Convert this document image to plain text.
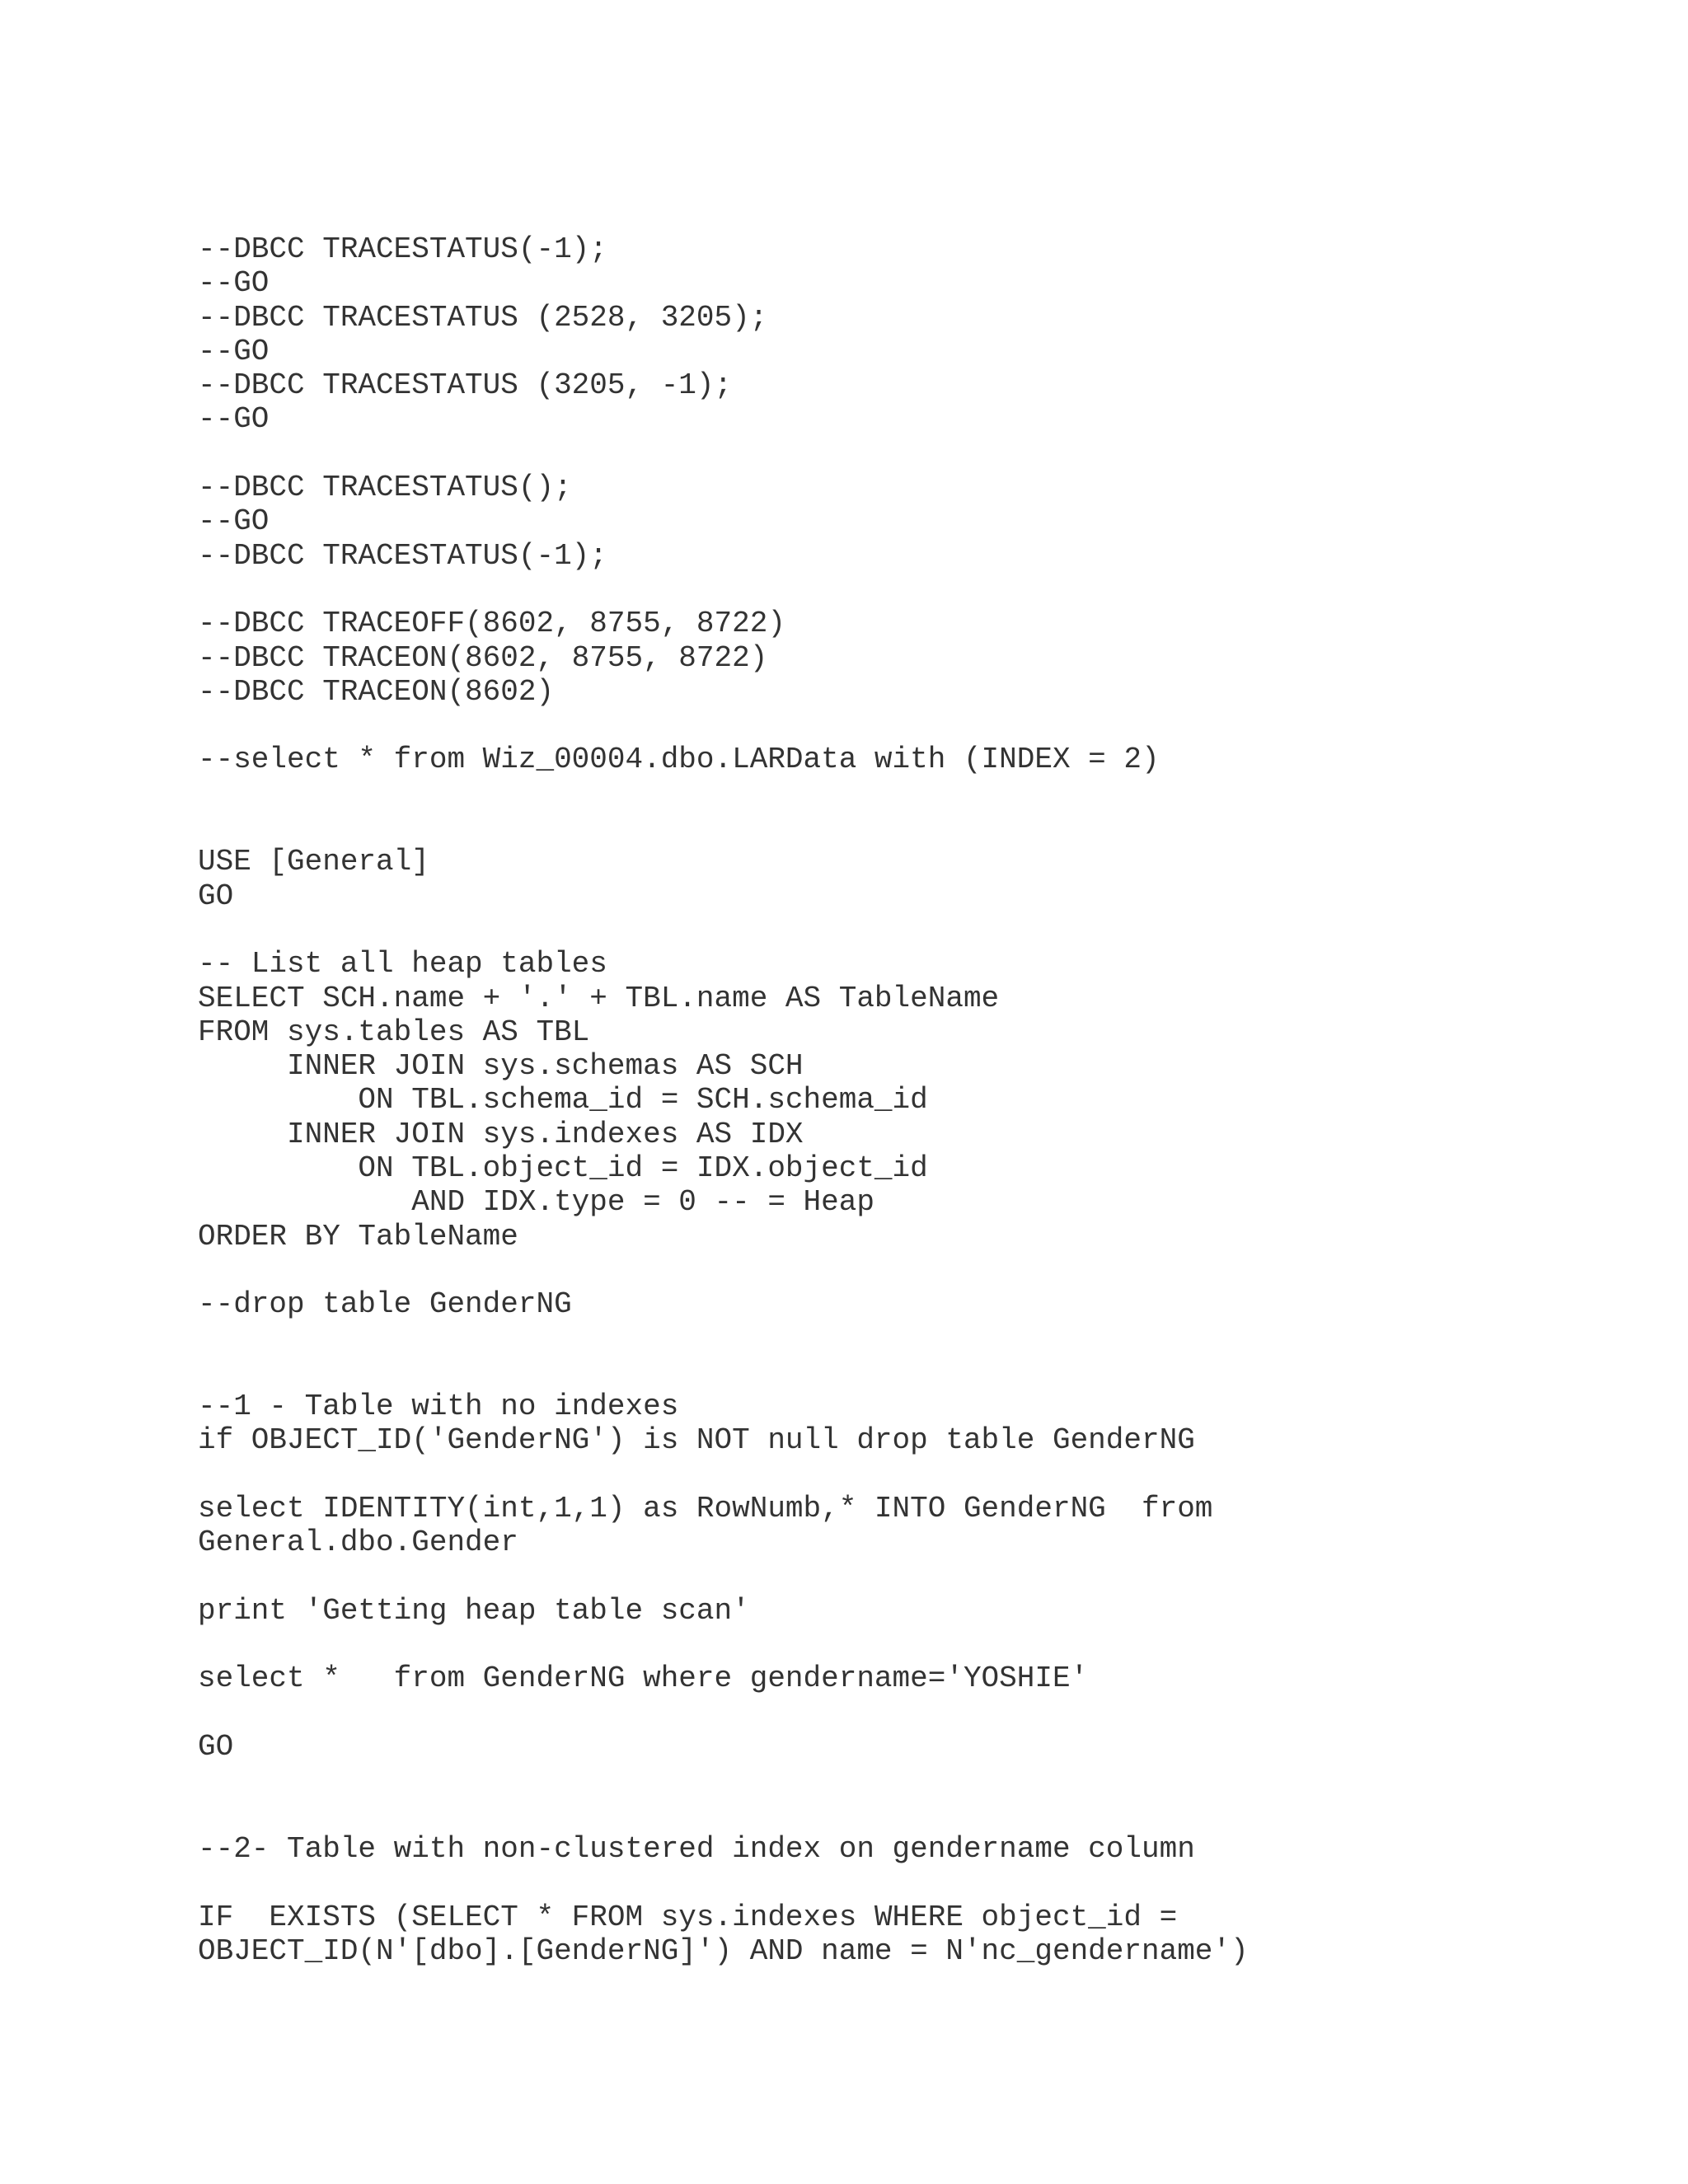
--DBCC TRACESTATUS(-1);
--GO
--DBCC TRACESTATUS (2528, 3205);
--GO
--DBCC TRACESTATUS (3205, -1);
--GO
--DBCC TRACESTATUS();
--GO
--DBCC TRACESTATUS(-1);
--DBCC TRACEOFF(8602, 8755, 8722)
--DBCC TRACEON(8602, 8755, 8722)
--DBCC TRACEON(8602)
--select * from Wiz_00004.dbo.LARData with (INDEX = 2)
USE [General]
GO
-- List all heap tables
SELECT SCH.name + '.' + TBL.name AS TableName
FROM sys.tables AS TBL
INNER JOIN sys.schemas AS SCH
ON TBL.schema_id = SCH.schema_id
INNER JOIN sys.indexes AS IDX
ON TBL.object_id = IDX.object_id
AND IDX.type = 0 -- = Heap
ORDER BY TableName
--drop table GenderNG
--1 - Table with no indexes
if OBJECT_ID('GenderNG') is NOT null drop table GenderNG
select IDENTITY(int,1,1) as RowNumb,* INTO GenderNG  from
General.dbo.Gender
print 'Getting heap table scan'
select *   from GenderNG where gendername='YOSHIE'
GO
--2- Table with non-clustered index on gendername column
IF  EXISTS (SELECT * FROM sys.indexes WHERE object_id =
OBJECT_ID(N'[dbo].[GenderNG]') AND name = N'nc_gendername')
